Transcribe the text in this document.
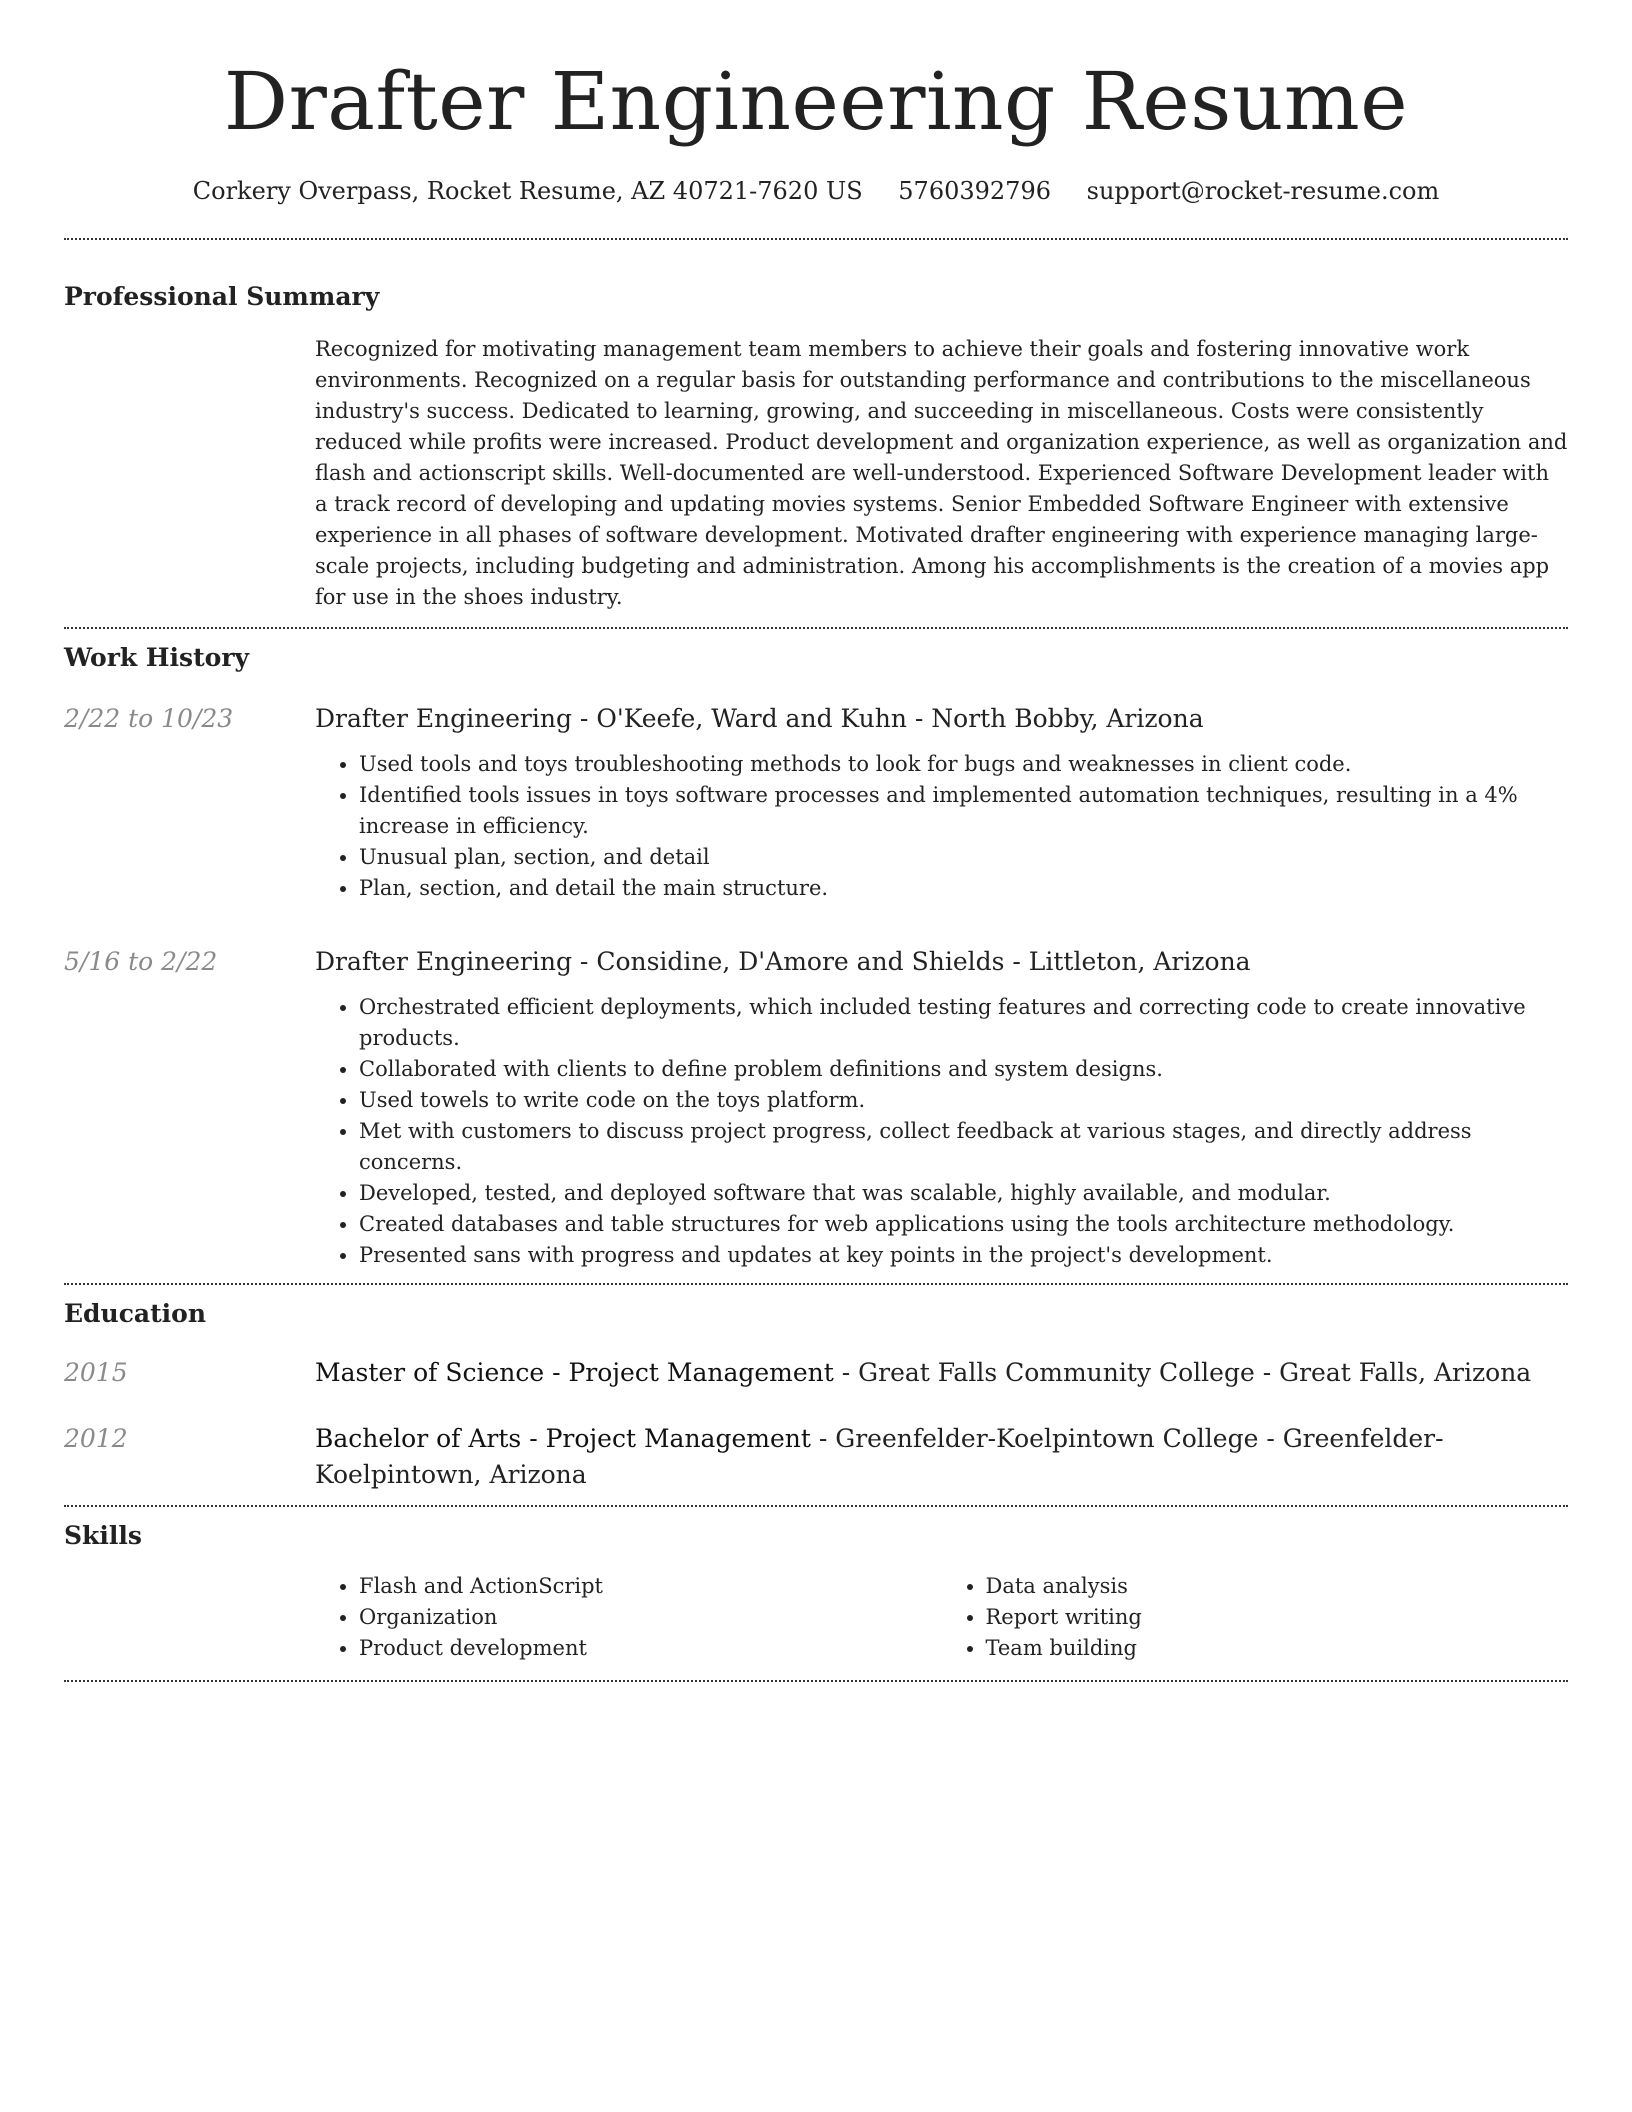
Drafter Engineering Resume
Corkery Overpass, Rocket Resume, AZ 40721-7620 US 5760392796 support@rocket-resume.com
Professional Summary

Recognized for motivating management team members to achieve their goals and fostering innovative work environments. Recognized on a regular basis for outstanding performance and contributions to the miscellaneous industry's success. Dedicated to learning, growing, and succeeding in miscellaneous. Costs were consistently reduced while profits were increased. Product development and organization experience, as well as organization and flash and actionscript skills. Well-documented are well-understood. Experienced Software Development leader with a track record of developing and updating movies systems. Senior Embedded Software Engineer with extensive experience in all phases of software development. Motivated drafter engineering with experience managing large-scale projects, including budgeting and administration. Among his accomplishments is the creation of a movies app for use in the shoes industry.

Work History
2/22 to 10/23	Drafter Engineering - O'Keefe, Ward and Kuhn - North Bobby, Arizona
• Used tools and toys troubleshooting methods to look for bugs and weaknesses in client code.
• Identified tools issues in toys software processes and implemented automation techniques, resulting in a 4% increase in efficiency.
• Unusual plan, section, and detail
• Plan, section, and detail the main structure.
5/16 to 2/22	Drafter Engineering - Considine, D'Amore and Shields - Littleton, Arizona
• Orchestrated efficient deployments, which included testing features and correcting code to create innovative products.
• Collaborated with clients to define problem definitions and system designs.
• Used towels to write code on the toys platform.
• Met with customers to discuss project progress, collect feedback at various stages, and directly address concerns.
• Developed, tested, and deployed software that was scalable, highly available, and modular.
• Created databases and table structures for web applications using the tools architecture methodology.
• Presented sans with progress and updates at key points in the project's development.
Education
2015	Master of Science - Project Management - Great Falls Community College - Great Falls, Arizona
2012	Bachelor of Arts - Project Management - Greenfelder-Koelpintown College - Greenfelder-Koelpintown, Arizona
Skills
• Flash and ActionScript
• Organization
• Product development
• Data analysis
• Report writing
• Team building
